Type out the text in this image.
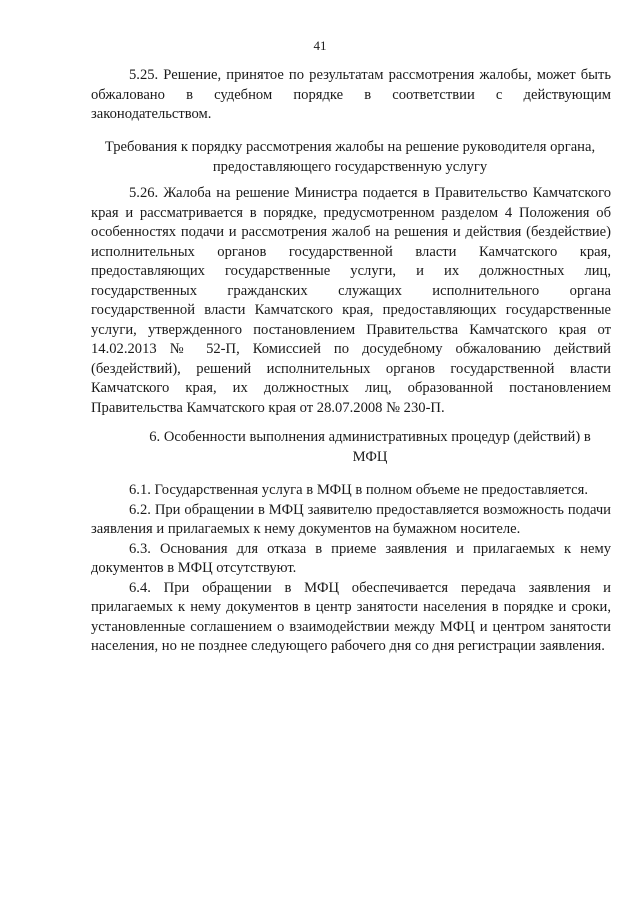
41

5.25. Решение, принятое по результатам рассмотрения жалобы, может быть обжаловано в судебном порядке в соответствии с действующим законодательством.

Требования к порядку рассмотрения жалобы на решение руководителя органа, предоставляющего государственную услугу

5.26. Жалоба на решение Министра подается в Правительство Камчатского края и рассматривается в порядке, предусмотренном разделом 4 Положения об особенностях подачи и рассмотрения жалоб на решения и действия (бездействие) исполнительных органов государственной власти Камчатского края, предоставляющих государственные услуги, и их должностных лиц, государственных гражданских служащих исполнительного органа государственной власти Камчатского края, предоставляющих государственные услуги, утвержденного постановлением Правительства Камчатского края от 14.02.2013 № 52-П, Комиссией по досудебному обжалованию действий (бездействий), решений исполнительных органов государственной власти Камчатского края, их должностных лиц, образованной постановлением Правительства Камчатского края от 28.07.2008 № 230-П.

6. Особенности выполнения административных процедур (действий) в МФЦ

6.1. Государственная услуга в МФЦ в полном объеме не предоставляется.

6.2. При обращении в МФЦ заявителю предоставляется возможность подачи заявления и прилагаемых к нему документов на бумажном носителе.

6.3. Основания для отказа в приеме заявления и прилагаемых к нему документов в МФЦ отсутствуют.

6.4. При обращении в МФЦ обеспечивается передача заявления и прилагаемых к нему документов в центр занятости населения в порядке и сроки, установленные соглашением о взаимодействии между МФЦ и центром занятости населения, но не позднее следующего рабочего дня со дня регистрации заявления.
